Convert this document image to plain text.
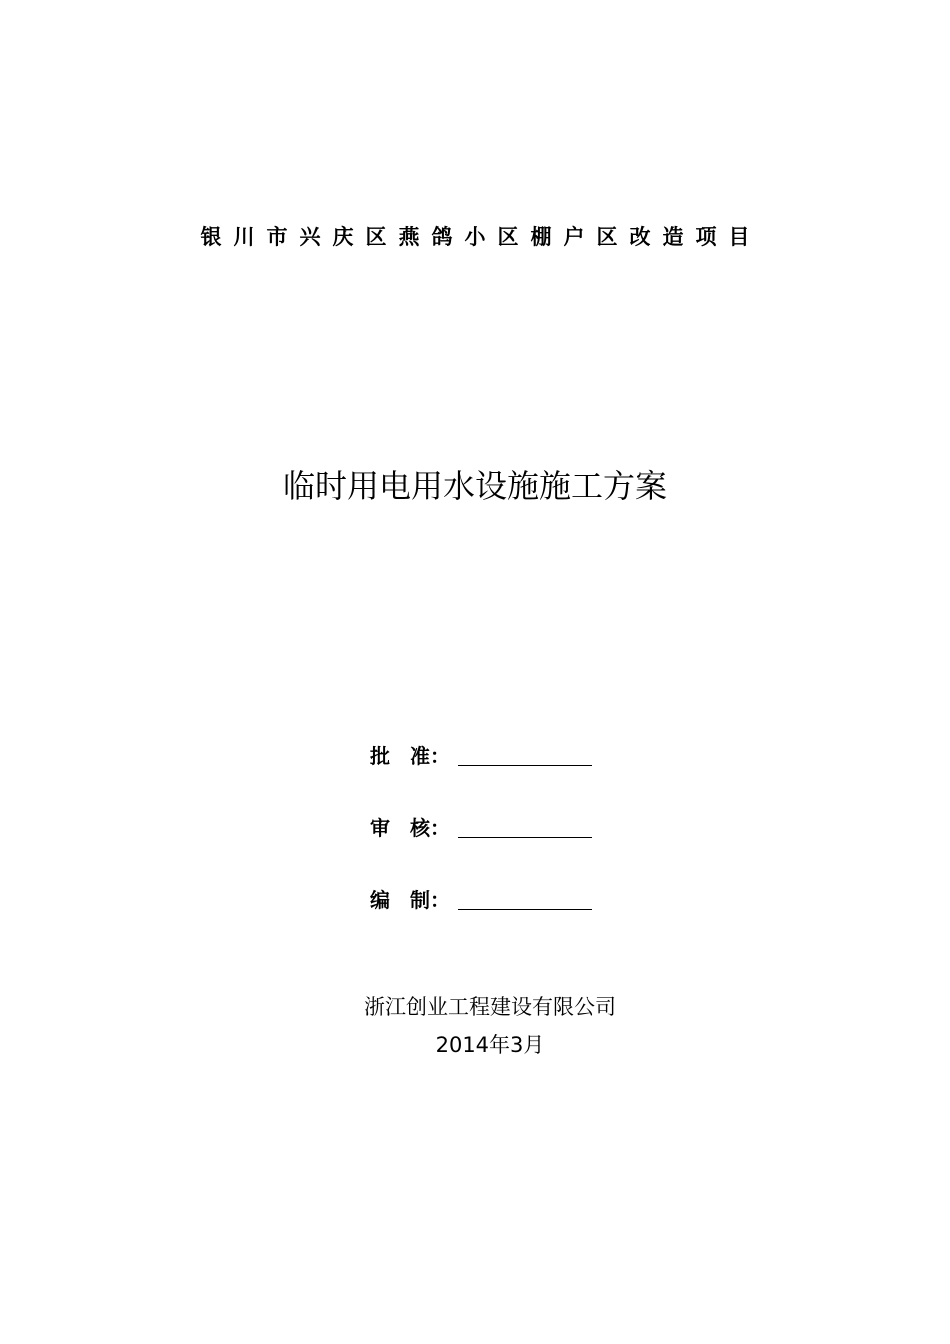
银川市兴庆区燕鸽小区棚户区改造项目
临时用电用水设施施工方案
批　准：
审　核：
编　制：
浙江创业工程建设有限公司
2014年3月
